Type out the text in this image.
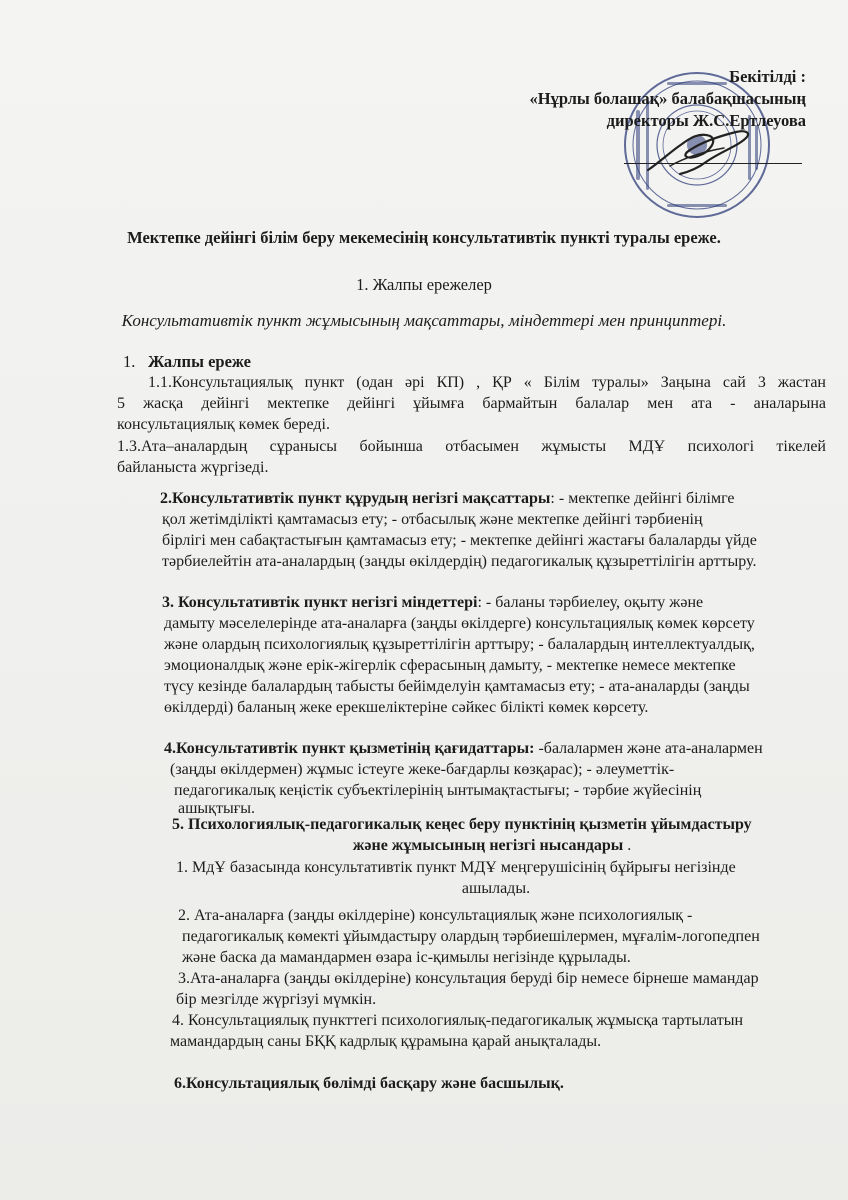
Бекітілді :
«Нұрлы болашақ» балабақшасының
директоры Ж.С.Ертлеуова
Мектепке дейінгі білім беру мекемесінің консультативтік пункті туралы ереже.
1. Жалпы ережелер
Консультативтік пункт жұмысының мақсаттары, міндеттері мен принциптері.
1. Жалпы ереже
1.1.Консультациялық пункт (одан әрі КП) , ҚР « Білім туралы» Заңына сай 3 жастан
5 жасқа дейінгі мектепке дейінгі ұйымға бармайтын балалар мен ата - аналарына
консультациялық көмек береді.
1.3.Ата–аналардың сұранысы бойынша отбасымен жұмысты МДҰ психологі тікелей
байланыста жүргізеді.
2.Консультативтік пункт құрудың негізгі мақсаттары: - мектепке дейінгі білімге
қол жетімділікті қамтамасыз ету; - отбасылық және мектепке дейінгі тәрбиенің
бірлігі мен сабақтастығын қамтамасыз ету; - мектепке дейінгі жастағы балаларды үйде
тәрбиелейтін ата-аналардың (заңды өкілдердің) педагогикалық құзыреттілігін арттыру.
3. Консультативтік пункт негізгі міндеттері: - баланы тәрбиелеу, оқыту және
дамыту мәселелерінде ата-аналарға (заңды өкілдерге) консультациялық көмек көрсету
және олардың психологиялық құзыреттілігін арттыру; - балалардың интеллектуалдық,
эмоционалдық және ерік-жігерлік сферасының дамыту, - мектепке немесе мектепке
түсу кезінде балалардың табысты бейімделуін қамтамасыз ету; - ата-аналарды (заңды
өкілдерді) баланың жеке ерекшеліктеріне сәйкес білікті көмек көрсету.
4.Консультативтік пункт қызметінің қағидаттары: -балалармен және ата-аналармен
(заңды өкілдермен) жұмыс істеуге жеке-бағдарлы көзқарас); - әлеуметтік-
педагогикалық кеңістік субъектілерінің ынтымақтастығы; - тәрбие жүйесінің
ашықтығы.
5. Психологиялық-педагогикалық кеңес беру пунктінің қызметін ұйымдастыру
және жұмысының негізгі нысандары .
1. МдҰ базасында консультативтік пункт МДҰ меңгерушісінің бұйрығы негізінде
ашылады.
2. Ата-аналарға (заңды өкілдеріне) консультациялық және психологиялық -
педагогикалық көмекті ұйымдастыру олардың тәрбиешілермен, мұғалім-логопедпен
және баска да мамандармен өзара іс-қимылы негізінде құрылады.
3.Ата-аналарға (заңды өкілдеріне) консультация беруді бір немесе бірнеше мамандар
бір мезгілде жүргізуі мүмкін.
4. Консультациялық пункттегі психологиялық-педагогикалық жұмысқа тартылатын
мамандардың саны БҚҚ кадрлық құрамына қарай анықталады.
6.Консультациялық бөлімді басқару және басшылық.
